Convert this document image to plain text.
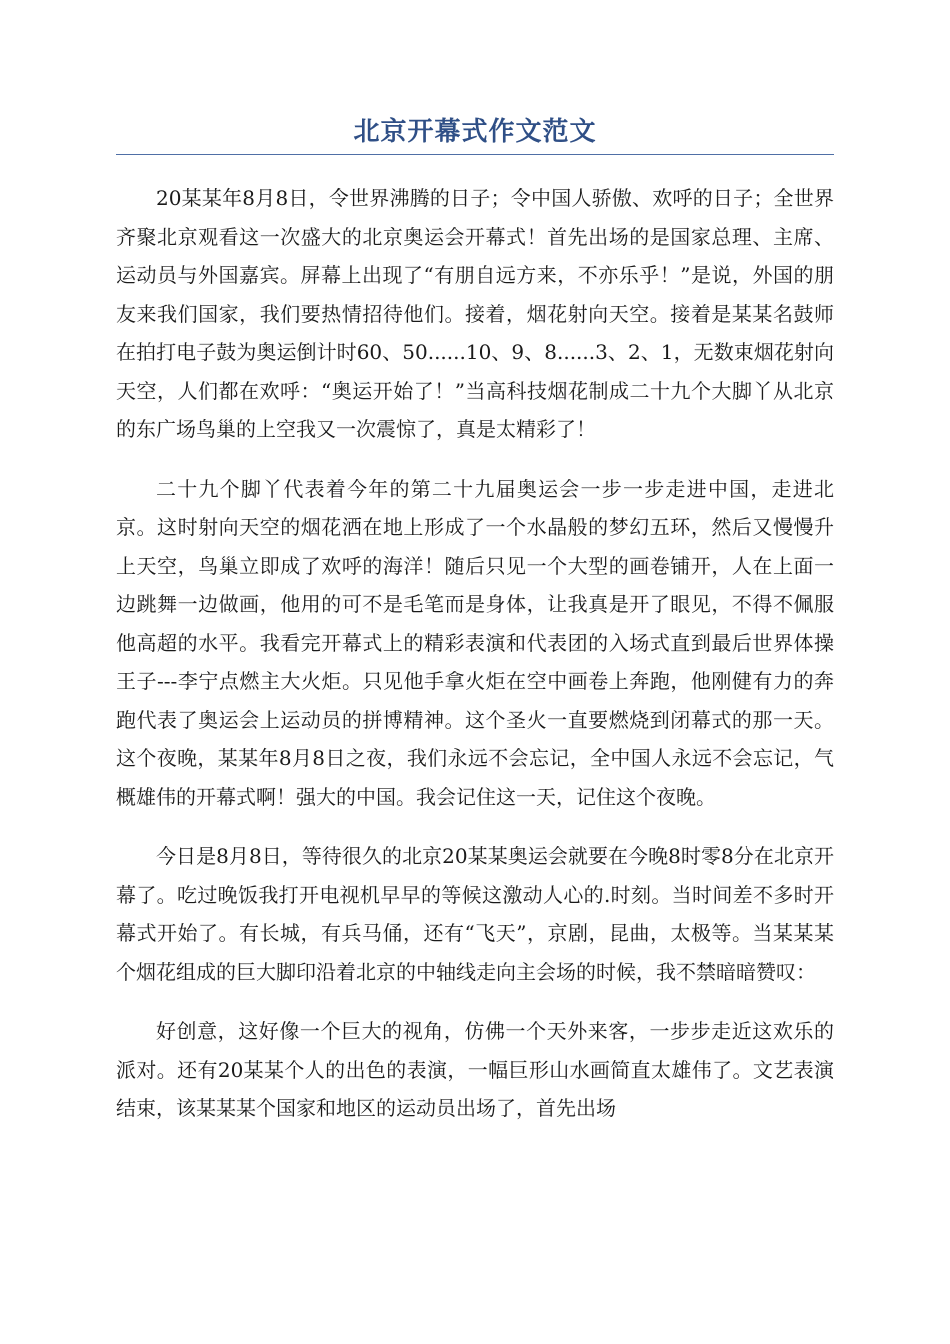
北京开幕式作文范文

20某某年8月8日，令世界沸腾的日子；令中国人骄傲、欢呼的日子；全世界齐聚北京观看这一次盛大的北京奥运会开幕式！首先出场的是国家总理、主席、运动员与外国嘉宾。屏幕上出现了“有朋自远方来，不亦乐乎！”是说，外国的朋友来我们国家，我们要热情招待他们。接着，烟花射向天空。接着是某某名鼓师在拍打电子鼓为奥运倒计时60、50......10、9、8......3、2、1，无数束烟花射向天空，人们都在欢呼：“奥运开始了！”当高科技烟花制成二十九个大脚丫从北京的东广场鸟巢的上空我又一次震惊了，真是太精彩了！

二十九个脚丫代表着今年的第二十九届奥运会一步一步走进中国，走进北京。这时射向天空的烟花洒在地上形成了一个水晶般的梦幻五环，然后又慢慢升上天空，鸟巢立即成了欢呼的海洋！随后只见一个大型的画卷铺开，人在上面一边跳舞一边做画，他用的可不是毛笔而是身体，让我真是开了眼见，不得不佩服他高超的水平。我看完开幕式上的精彩表演和代表团的入场式直到最后世界体操王子---李宁点燃主大火炬。只见他手拿火炬在空中画卷上奔跑，他刚健有力的奔跑代表了奥运会上运动员的拼博精神。这个圣火一直要燃烧到闭幕式的那一天。这个夜晚，某某年8月8日之夜，我们永远不会忘记，全中国人永远不会忘记，气概雄伟的开幕式啊！强大的中国。我会记住这一天，记住这个夜晚。

今日是8月8日，等待很久的北京20某某奥运会就要在今晚8时零8分在北京开幕了。吃过晚饭我打开电视机早早的等候这激动人心的.时刻。当时间差不多时开幕式开始了。有长城，有兵马俑，还有“飞天”，京剧，昆曲，太极等。当某某某个烟花组成的巨大脚印沿着北京的中轴线走向主会场的时候，我不禁暗暗赞叹：

好创意，这好像一个巨大的视角，仿佛一个天外来客，一步步走近这欢乐的派对。还有20某某个人的出色的表演，一幅巨形山水画简直太雄伟了。文艺表演结束，该某某某个国家和地区的运动员出场了，首先出场
